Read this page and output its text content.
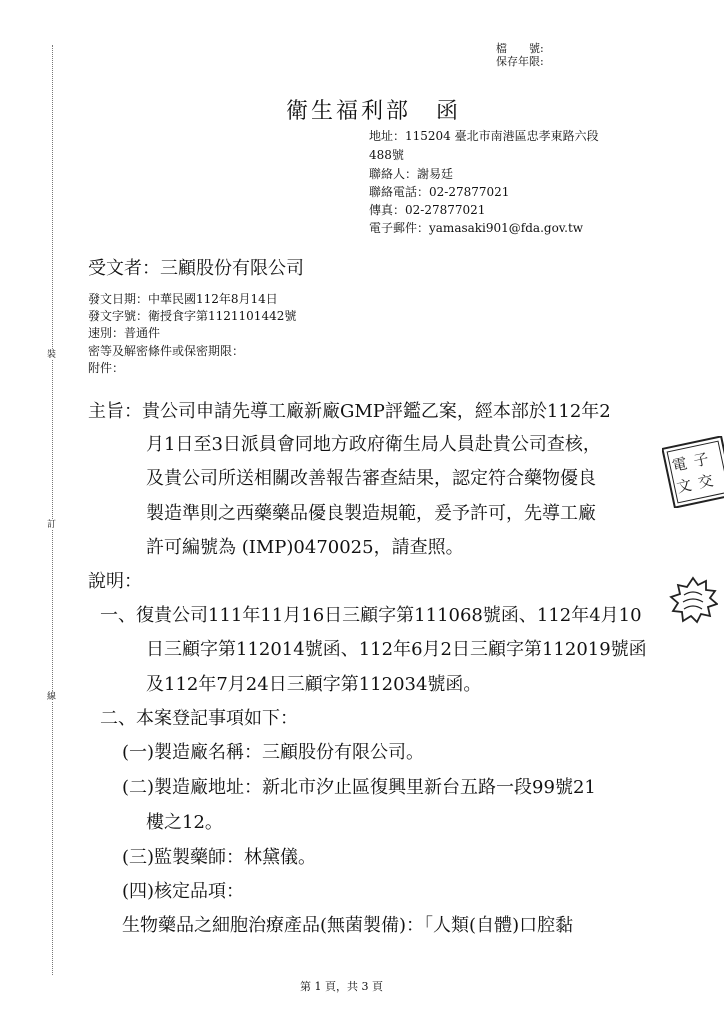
裝
訂
線
檔　　號:
保存年限:
衛生福利部　函
地址：115204 臺北市南港區忠孝東路六段
488號
聯絡人：謝易廷
聯絡電話：02-27877021
傳真：02-27877021
電子郵件：yamasaki901@fda.gov.tw
受文者：三顧股份有限公司
發文日期：中華民國112年8月14日
發文字號：衛授食字第1121101442號
速別：普通件
密等及解密條件或保密期限：
附件：
主旨：貴公司申請先導工廠新廠GMP評鑑乙案，經本部於112年2
月1日至3日派員會同地方政府衛生局人員赴貴公司查核，
及貴公司所送相關改善報告審查結果，認定符合藥物優良
製造準則之西藥藥品優良製造規範，爰予許可，先導工廠
許可編號為 (IMP)0470025，請查照。
說明：
一、復貴公司111年11月16日三顧字第111068號函、112年4月10
日三顧字第112014號函、112年6月2日三顧字第112019號函
及112年7月24日三顧字第112034號函。
二、本案登記事項如下：
(一)製造廠名稱：三顧股份有限公司。
(二)製造廠地址：新北市汐止區復興里新台五路一段99號21
樓之12。
(三)監製藥師：林黛儀。
(四)核定品項：
生物藥品之細胞治療產品(無菌製備)：「人類(自體)口腔黏
電
文
子
交
第 1 頁，共 3 頁
